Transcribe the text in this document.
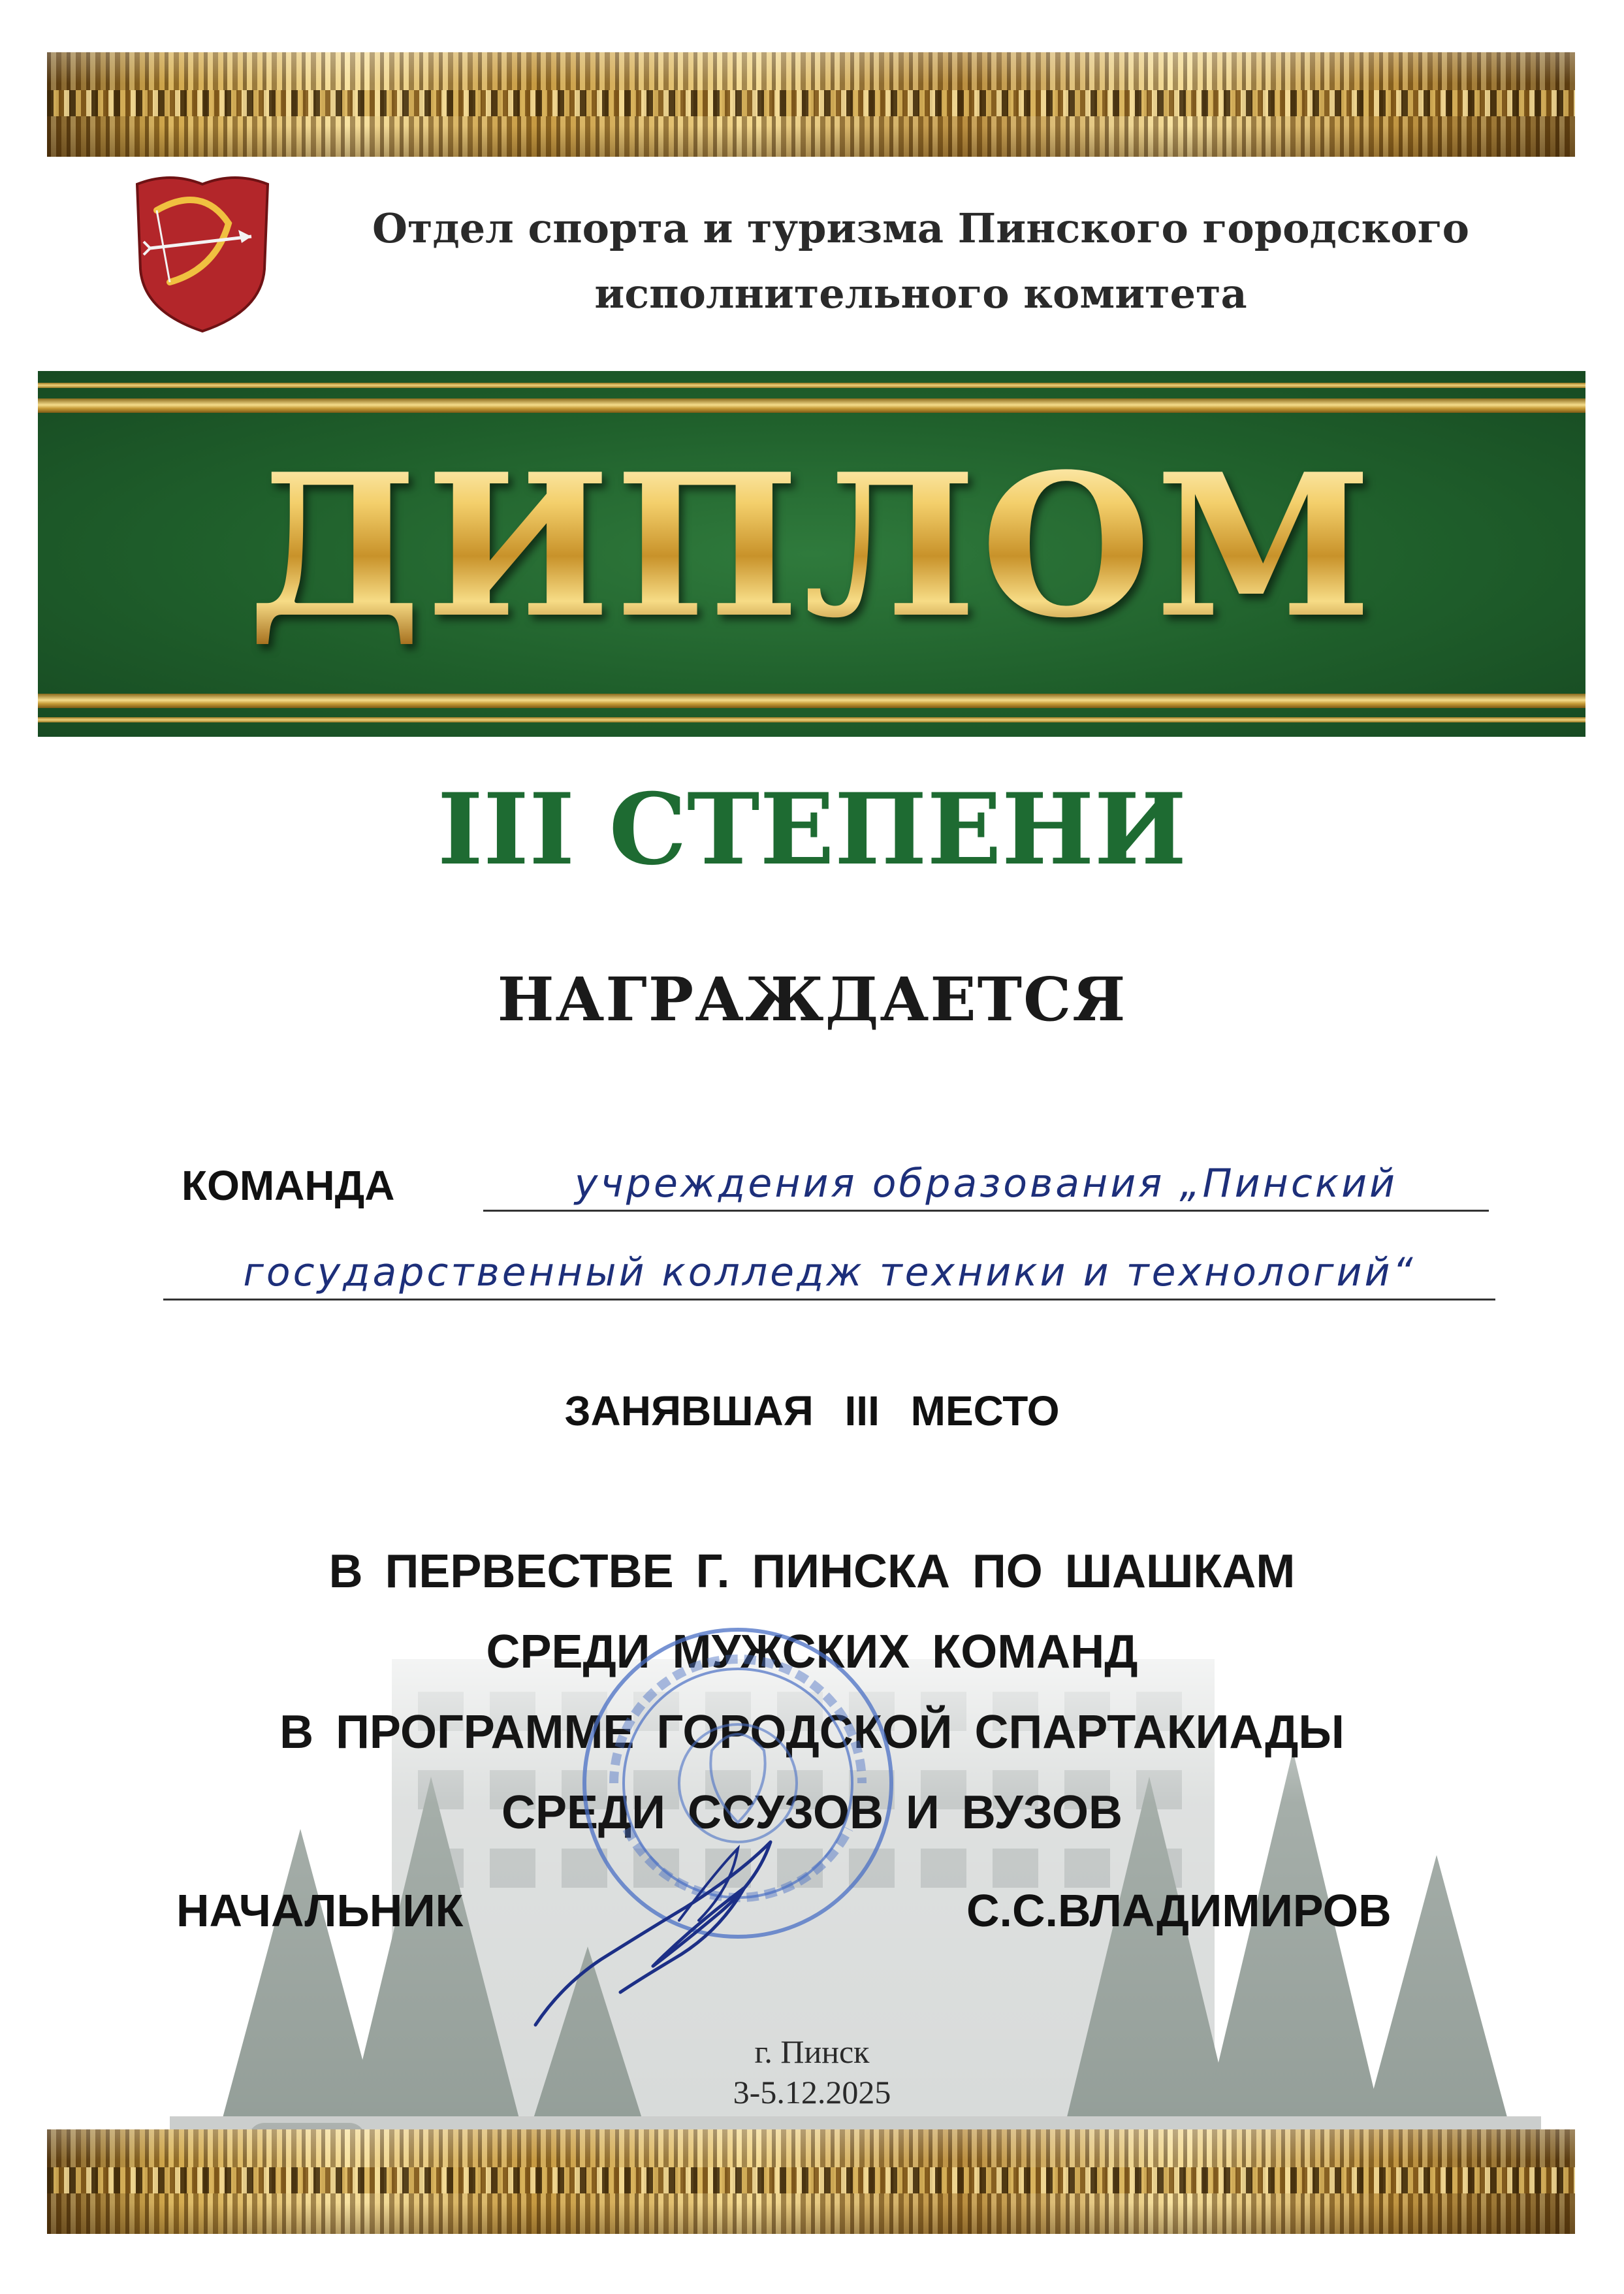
Отдел спорта и туризма Пинского городского
исполнительного комитета
ДИПЛОМ
III СТЕПЕНИ
НАГРАЖДАЕТСЯ
КОМАНДА	учреждения образования „Пинский
государственный колледж техники и технологий“
ЗАНЯВШАЯ III МЕСТО
В ПЕРВЕСТВЕ Г. ПИНСКА ПО ШАШКАМ
СРЕДИ МУЖСКИХ КОМАНД
В ПРОГРАММЕ ГОРОДСКОЙ СПАРТАКИАДЫ
СРЕДИ ССУЗОВ И ВУЗОВ
НАЧАЛЬНИК	С.С.ВЛАДИМИРОВ
г. Пинск
3-5.12.2025
